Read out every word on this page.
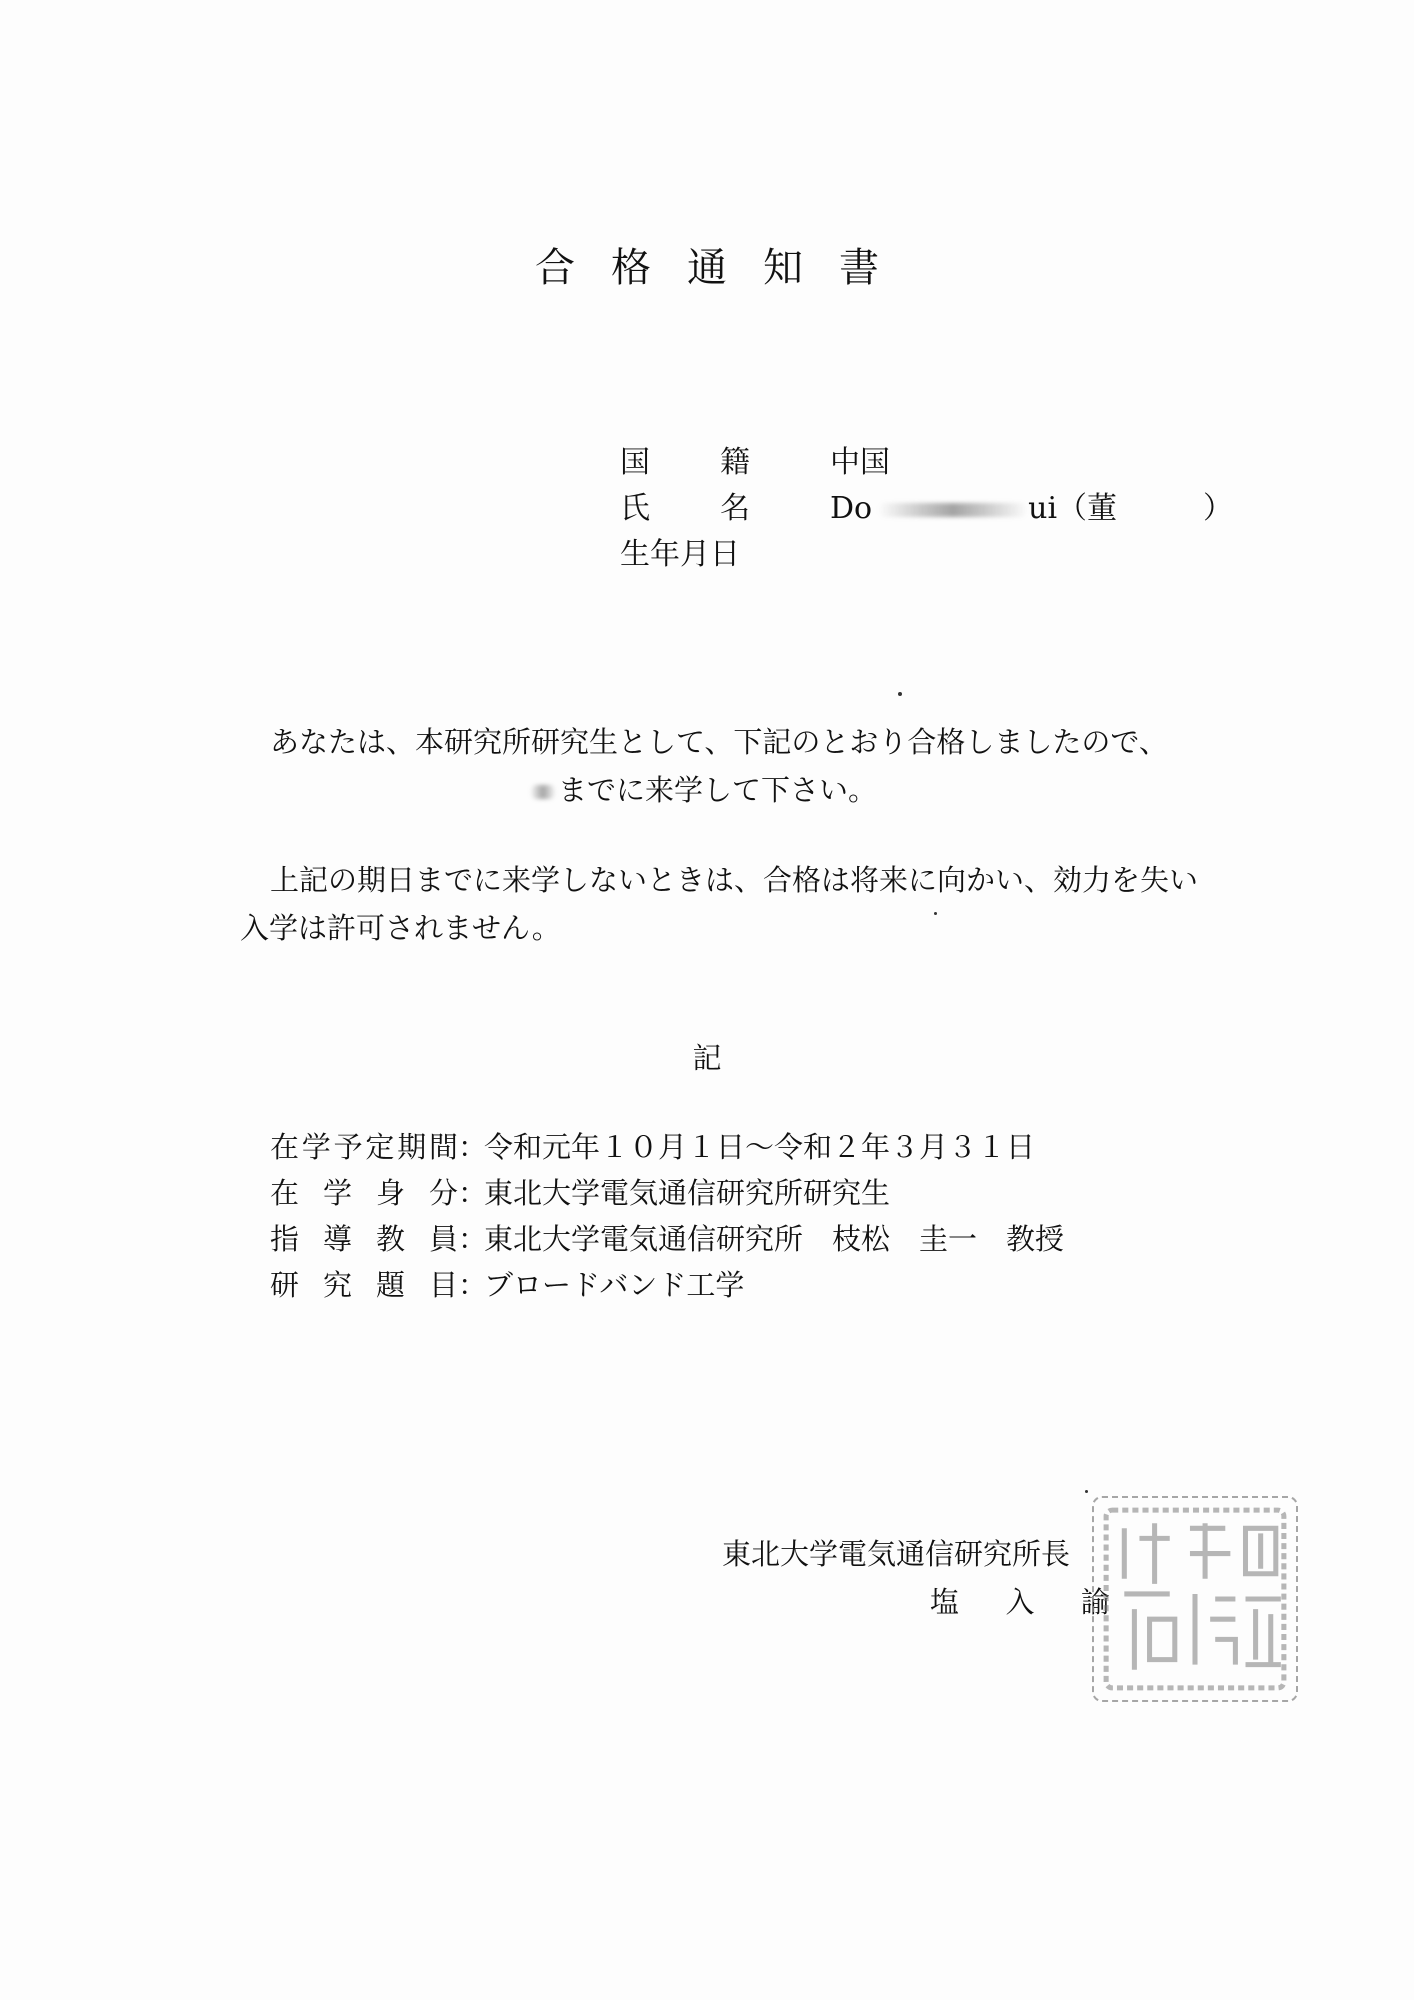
合格通知書
国 籍	中国
氏 名	Do	ui（董	）
生年月日
あなたは、本研究所研究生として、下記のとおり合格しましたので、
までに来学して下さい。
上記の期日までに来学しないときは、合格は将来に向かい、効力を失い
入学は許可されません。
記
在 学 予 定 期 間 ：
令和元年１０月１日～令和２年３月３１日
在 学 身 分 ：
東北大学電気通信研究所研究生
指 導 教 員 ：
東北大学電気通信研究所　枝松　圭一　教授
研 究 題 目 ：
ブロードバンド工学
東北大学電気通信研究所長
塩 入 諭
